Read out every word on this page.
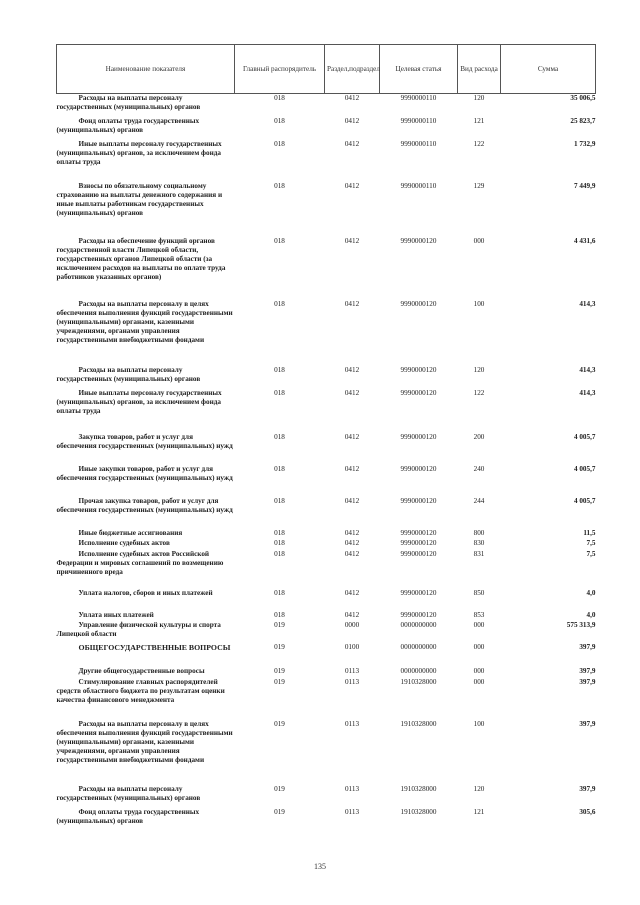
Наименование показателя	Главный распорядитель	Раздел,подраздел	Целевая статья	Вид расхода	Сумма

Расходы на выплаты персоналу государственных (муниципальных) органов	018	0412	9990000110	120	35 006,5

Фонд оплаты труда государственных (муниципальных) органов	018	0412	9990000110	121	25 823,7

Иные выплаты персоналу государственных (муниципальных) органов, за исключением фонда оплаты труда	018	0412	9990000110	122	1 732,9

Взносы по обязательному социальному страхованию на выплаты денежного содержания и иные выплаты работникам государственных (муниципальных) органов	018	0412	9990000110	129	7 449,9

Расходы на обеспечение функций органов государственной власти Липецкой области, государственных органов Липецкой области (за исключением расходов на выплаты по оплате труда работников указанных органов)	018	0412	9990000120	000	4 431,6

Расходы на выплаты персоналу в целях обеспечения выполнения функций государственными (муниципальными) органами, казенными учреждениями, органами управления государственными внебюджетными фондами	018	0412	9990000120	100	414,3

Расходы на выплаты персоналу государственных (муниципальных) органов	018	0412	9990000120	120	414,3

Иные выплаты персоналу государственных (муниципальных) органов, за исключением фонда оплаты труда	018	0412	9990000120	122	414,3

Закупка товаров, работ и услуг для обеспечения государственных (муниципальных) нужд	018	0412	9990000120	200	4 005,7

Иные закупки товаров, работ и услуг для обеспечения государственных (муниципальных) нужд	018	0412	9990000120	240	4 005,7

Прочая закупка товаров, работ и услуг для обеспечения государственных (муниципальных) нужд	018	0412	9990000120	244	4 005,7

Иные бюджетные ассигнования	018	0412	9990000120	800	11,5

Исполнение судебных актов	018	0412	9990000120	830	7,5

Исполнение судебных актов Российской Федерации и мировых соглашений по возмещению причиненного вреда	018	0412	9990000120	831	7,5

Уплата налогов, сборов и иных платежей	018	0412	9990000120	850	4,0

Уплата иных платежей	018	0412	9990000120	853	4,0

Управление физической культуры и спорта Липецкой области	019	0000	0000000000	000	575 313,9

ОБЩЕГОСУДАРСТВЕННЫЕ ВОПРОСЫ	019	0100	0000000000	000	397,9

Другие общегосударственные вопросы	019	0113	0000000000	000	397,9

Стимулирование главных распорядителей средств областного бюджета по результатам оценки качества финансового менеджмента	019	0113	1910328000	000	397,9

Расходы на выплаты персоналу в целях обеспечения выполнения функций государственными (муниципальными) органами, казенными учреждениями, органами управления государственными внебюджетными фондами	019	0113	1910328000	100	397,9

Расходы на выплаты персоналу государственных (муниципальных) органов	019	0113	1910328000	120	397,9

Фонд оплаты труда государственных (муниципальных) органов	019	0113	1910328000	121	305,6
135
